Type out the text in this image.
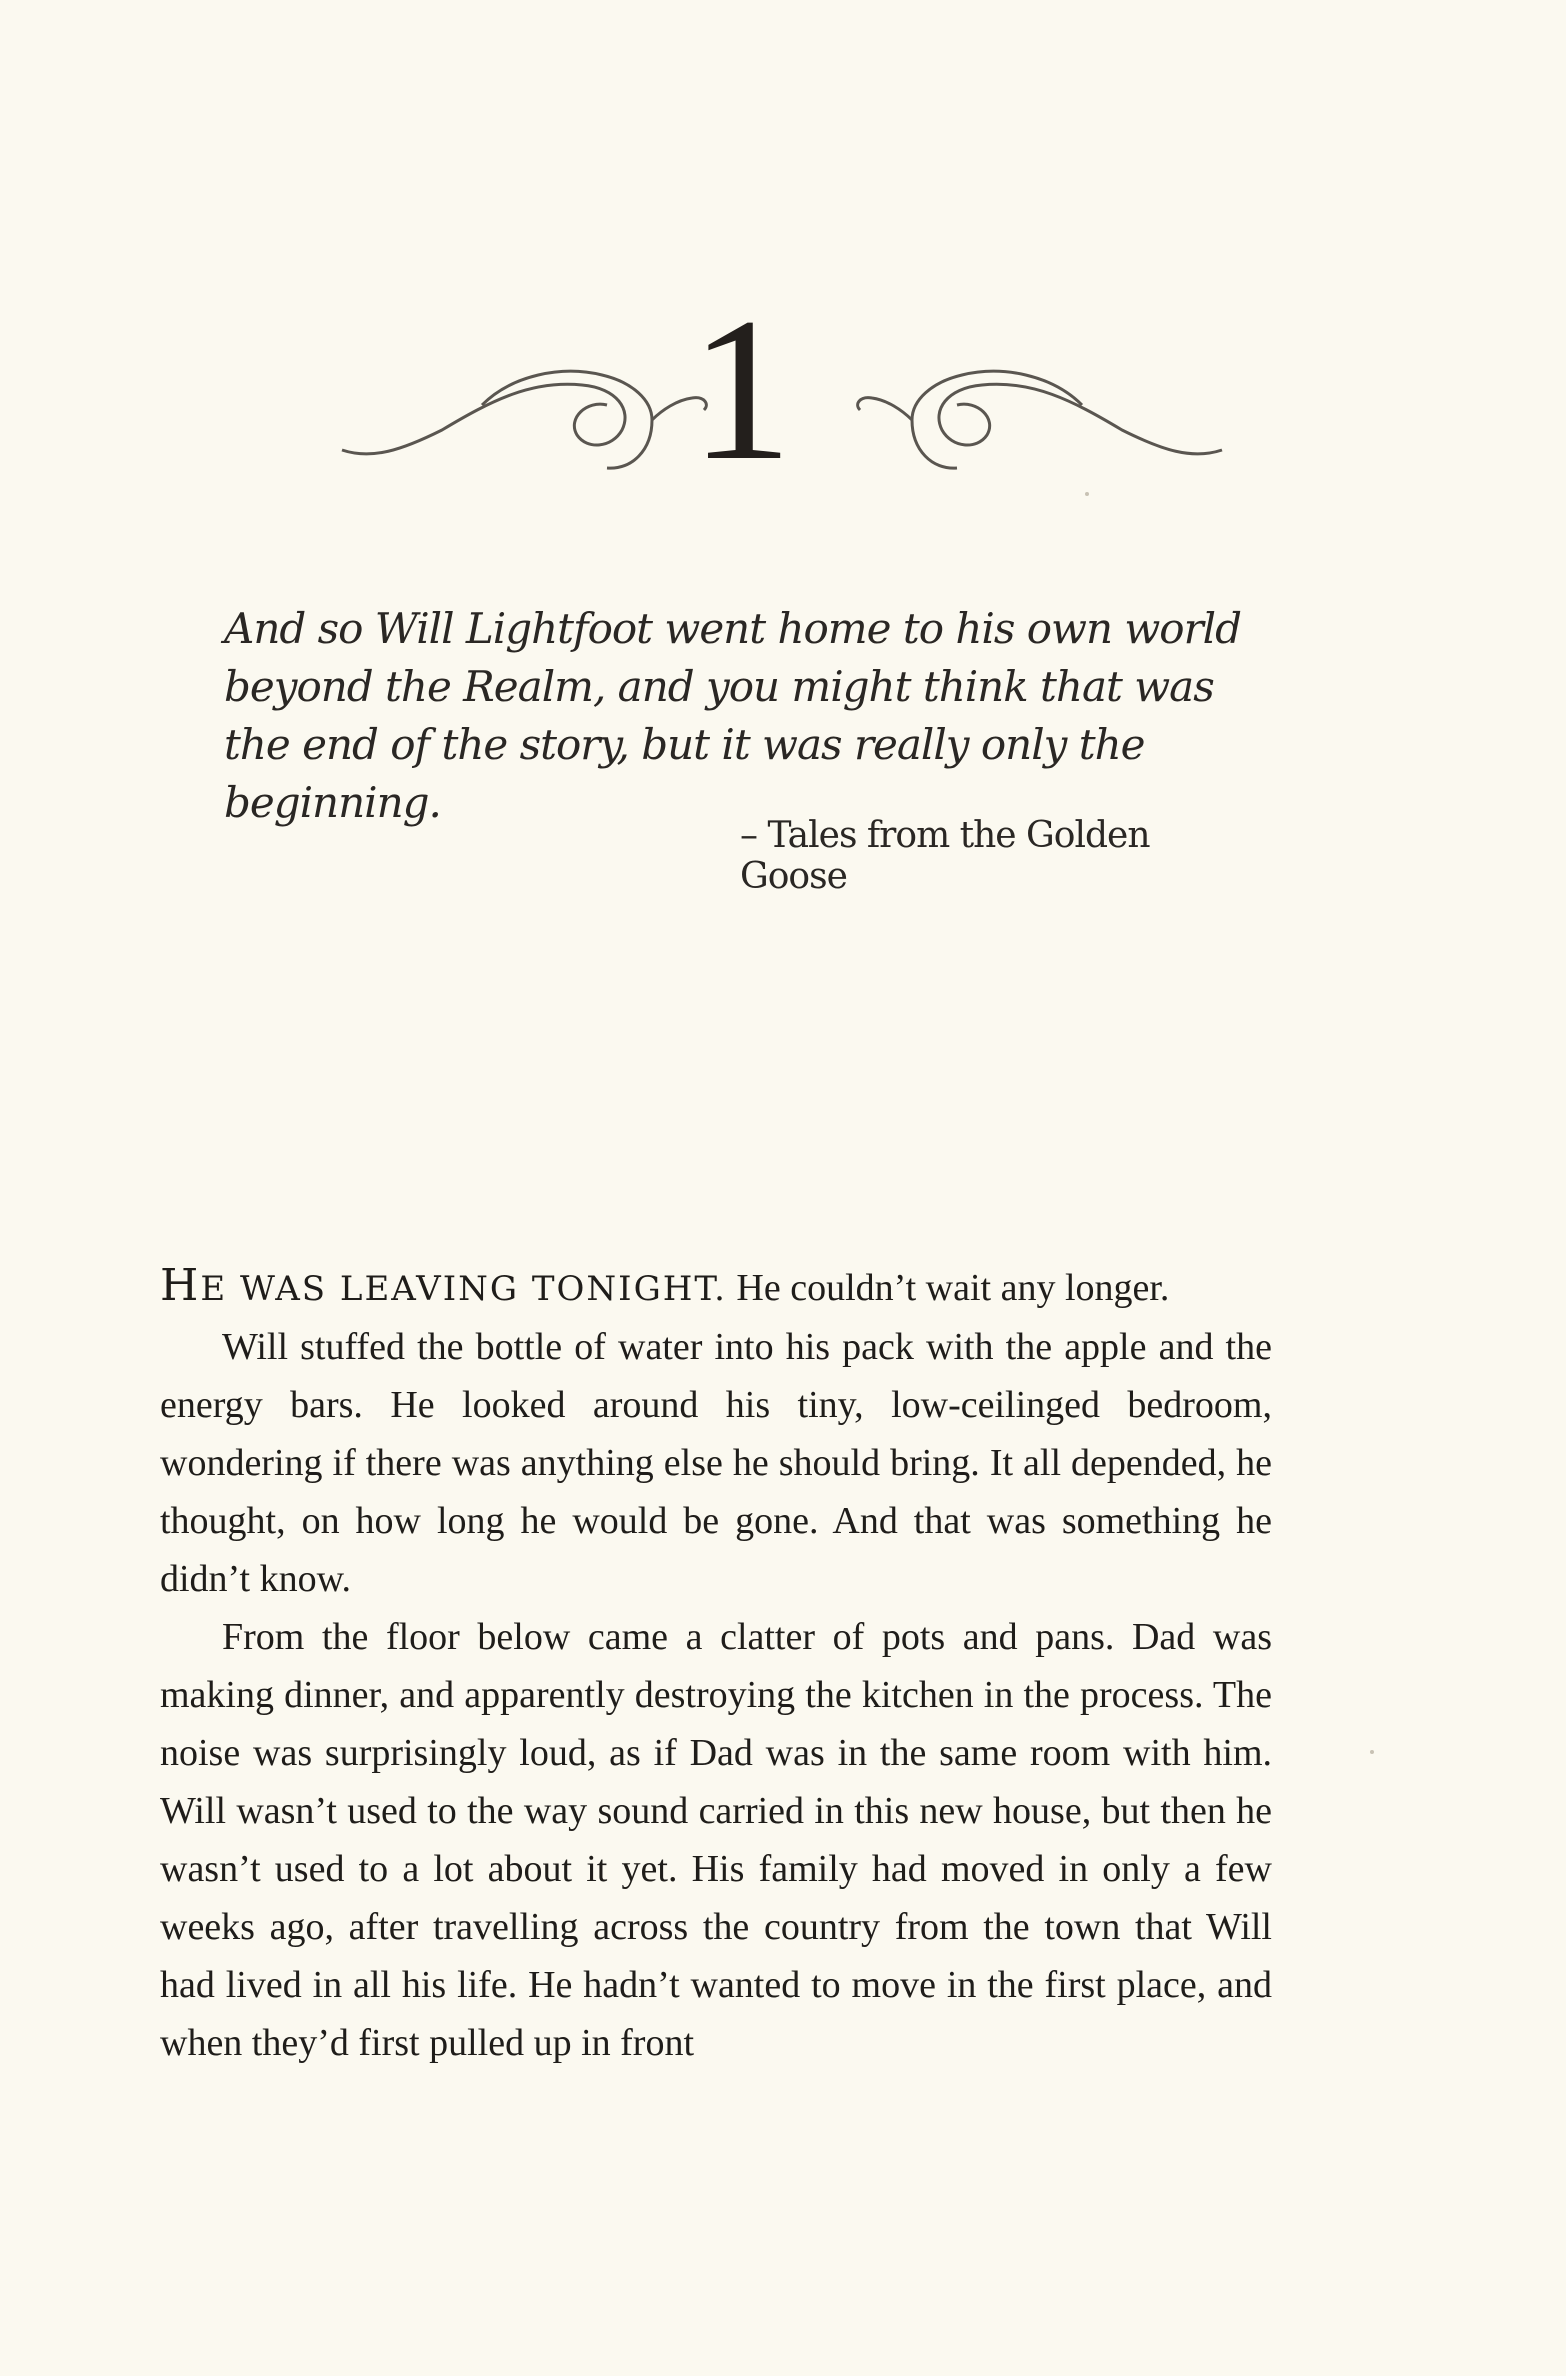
1

And so Will Lightfoot went home to his own world beyond the Realm, and you might think that was the end of the story, but it was really only the beginning.

– Tales from the Golden Goose

HE WAS LEAVING TONIGHT. He couldn’t wait any longer.

Will stuffed the bottle of water into his pack with the apple and the energy bars. He looked around his tiny, low-ceilinged bedroom, wondering if there was anything else he should bring. It all depended, he thought, on how long he would be gone. And that was something he didn’t know.

From the floor below came a clatter of pots and pans. Dad was making dinner, and apparently destroying the kitchen in the process. The noise was surprisingly loud, as if Dad was in the same room with him. Will wasn’t used to the way sound carried in this new house, but then he wasn’t used to a lot about it yet. His family had moved in only a few weeks ago, after travelling across the country from the town that Will had lived in all his life. He hadn’t wanted to move in the first place, and when they’d first pulled up in front
